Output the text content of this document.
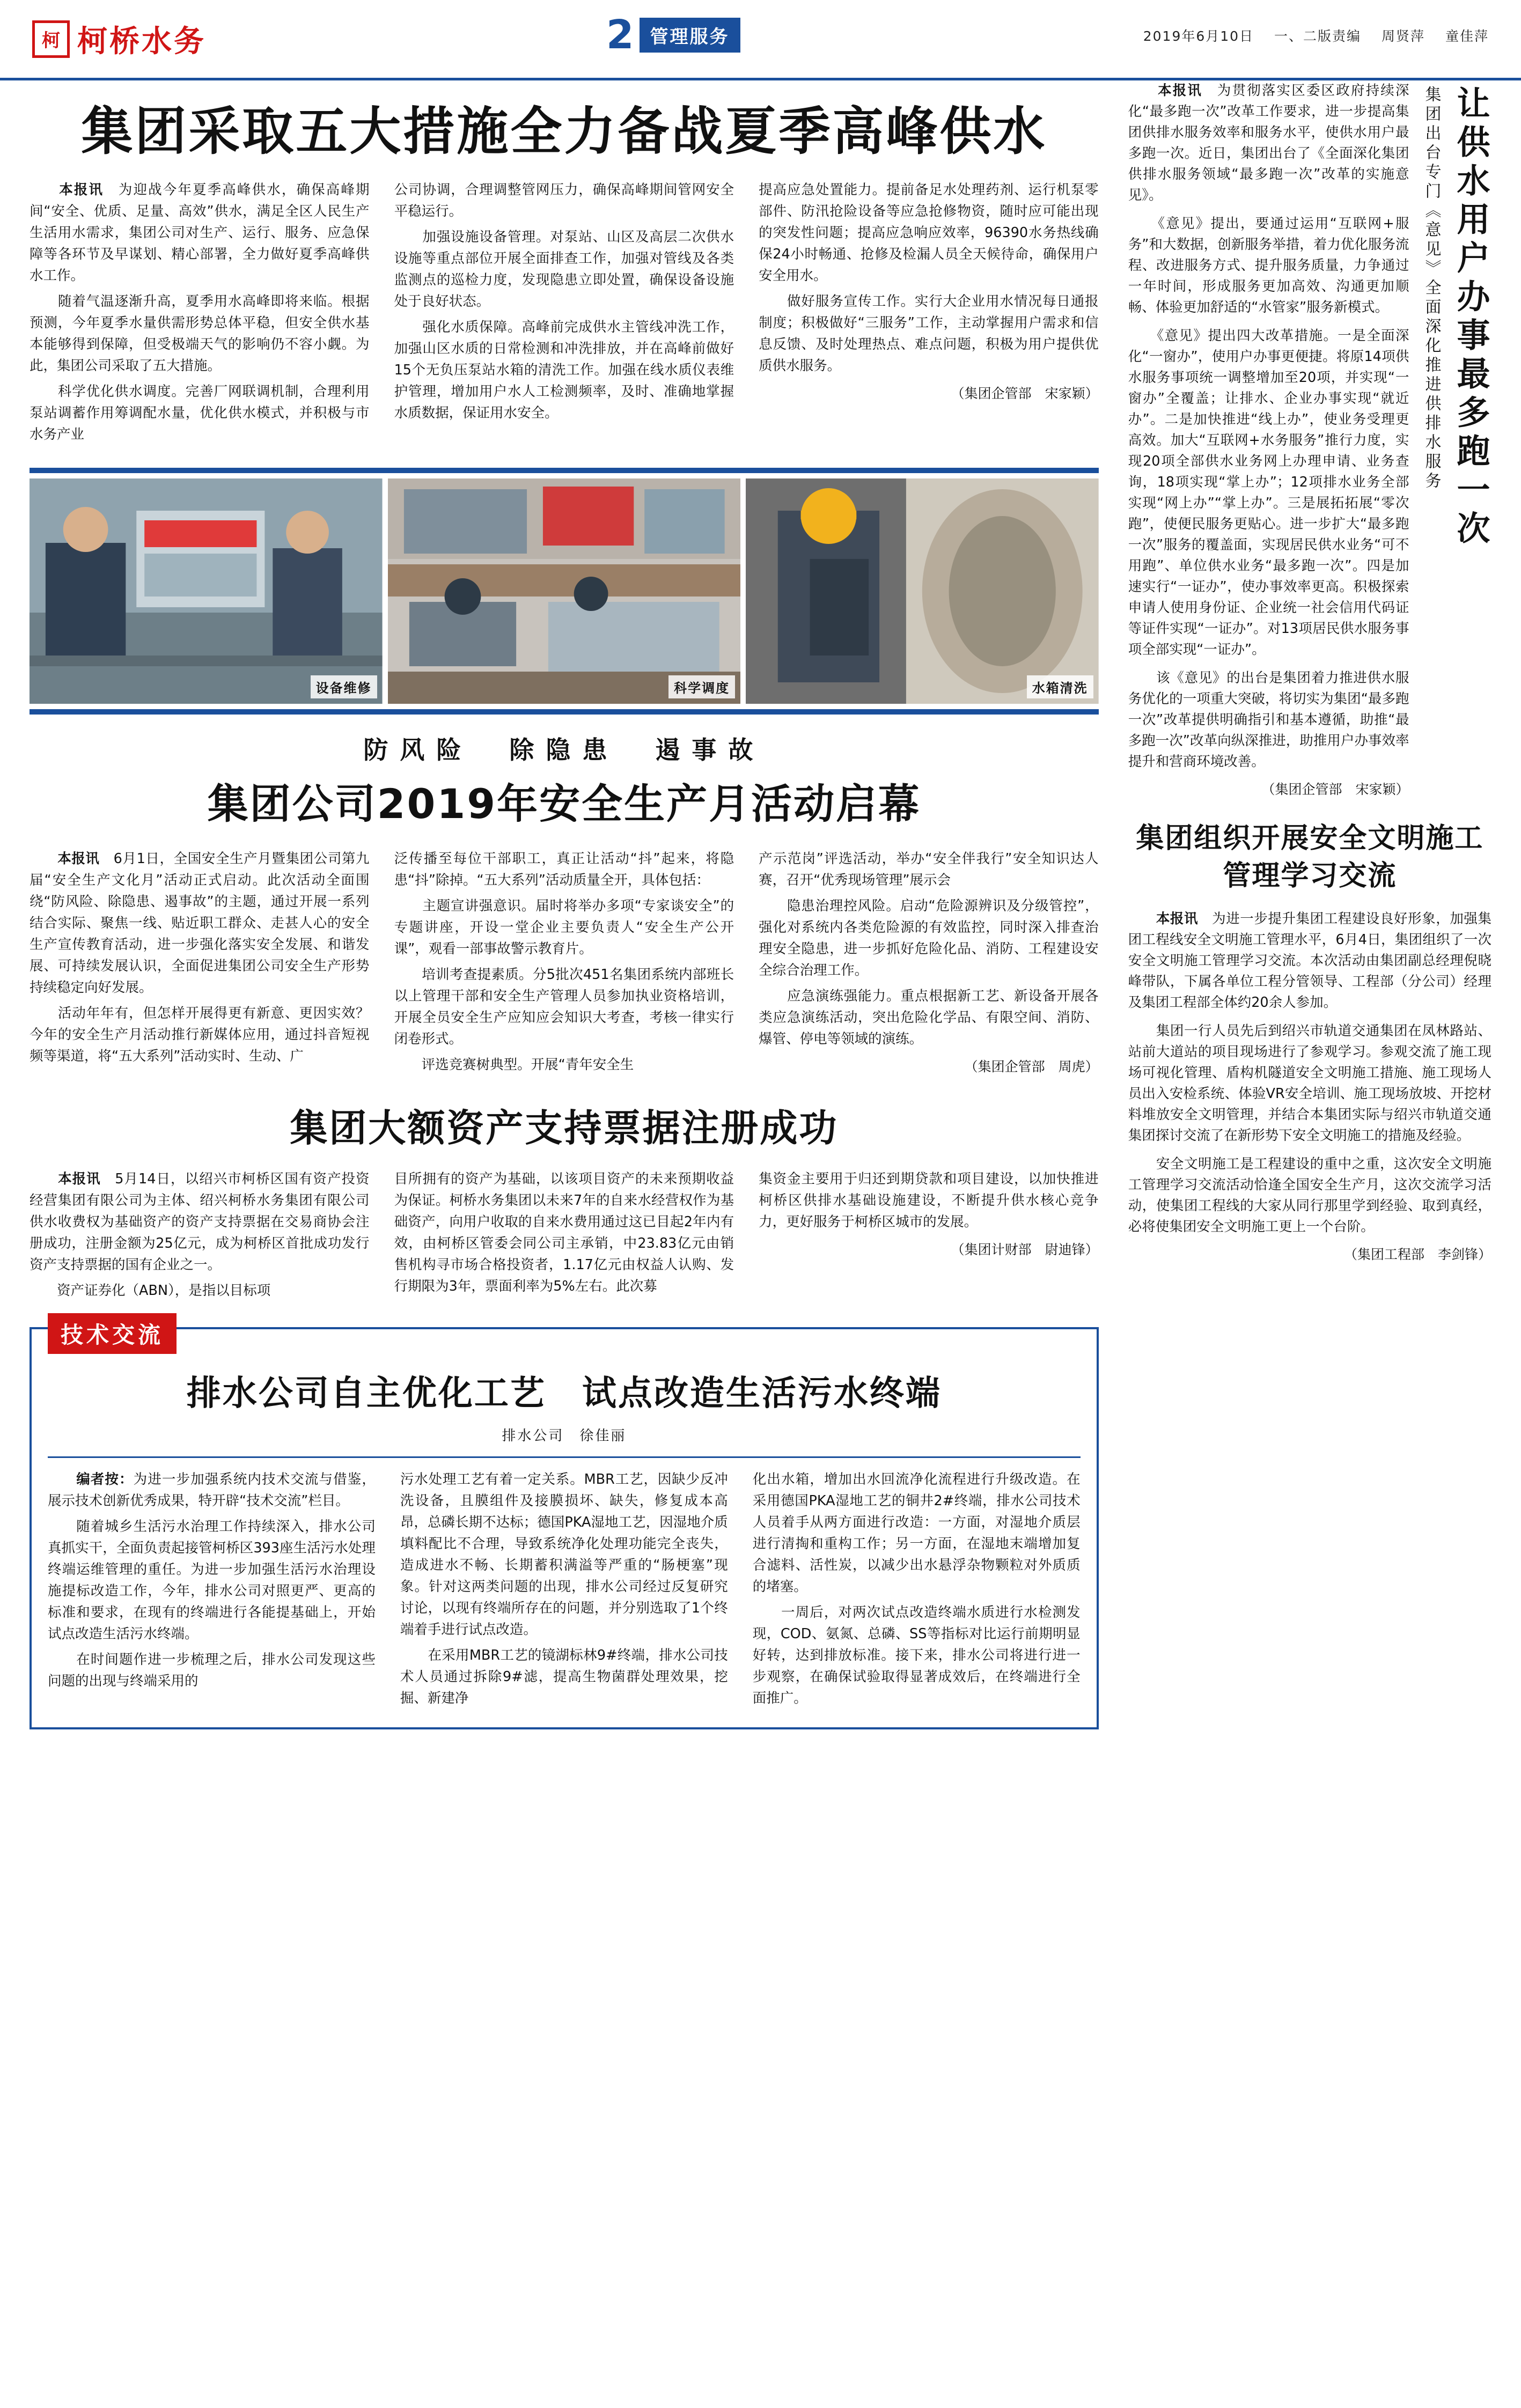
柯 柯桥水务	2 管理服务	2019年6月10日 一、二版责编 周贤萍 童佳萍
集团采取五大措施全力备战夏季高峰供水

　　本报讯　为迎战今年夏季高峰供水，确保高峰期间“安全、优质、足量、高效”供水，满足全区人民生产生活用水需求，集团公司对生产、运行、服务、应急保障等各环节及早谋划、精心部署，全力做好夏季高峰供水工作。

　　随着气温逐渐升高，夏季用水高峰即将来临。根据预测，今年夏季水量供需形势总体平稳，但安全供水基本能够得到保障，但受极端天气的影响仍不容小觑。为此，集团公司采取了五大措施。

　　科学优化供水调度。完善厂网联调机制，合理利用泵站调蓄作用筹调配水量，优化供水模式，并积极与市水务产业

公司协调，合理调整管网压力，确保高峰期间管网安全平稳运行。

　　加强设施设备管理。对泵站、山区及高层二次供水设施等重点部位开展全面排查工作，加强对管线及各类监测点的巡检力度，发现隐患立即处置，确保设备设施处于良好状态。

　　强化水质保障。高峰前完成供水主管线冲洗工作，加强山区水质的日常检测和冲洗排放，并在高峰前做好15个无负压泵站水箱的清洗工作。加强在线水质仪表维护管理，增加用户水人工检测频率，及时、准确地掌握水质数据，保证用水安全。

提高应急处置能力。提前备足水处理药剂、运行机泵零部件、防汛抢险设备等应急抢修物资，随时应可能出现的突发性问题；提高应急响应效率，96390水务热线确保24小时畅通、抢修及检漏人员全天候待命，确保用户安全用水。

　　做好服务宣传工作。实行大企业用水情况每日通报制度；积极做好“三服务”工作，主动掌握用户需求和信息反馈、及时处理热点、难点问题，积极为用户提供优质供水服务。

（集团企管部　宋家颖）
设备维修	科学调度	水箱清洗
防风险　除隐患　遏事故
集团公司2019年安全生产月活动启幕

　　本报讯　6月1日，全国安全生产月暨集团公司第九届“安全生产文化月”活动正式启动。此次活动全面围绕“防风险、除隐患、遏事故”的主题，通过开展一系列结合实际、聚焦一线、贴近职工群众、走甚人心的安全生产宣传教育活动，进一步强化落实安全发展、和谐发展、可持续发展认识，全面促进集团公司安全生产形势持续稳定向好发展。

　　活动年年有，但怎样开展得更有新意、更因实效？今年的安全生产月活动推行新媒体应用，通过抖音短视频等渠道，将“五大系列”活动实时、生动、广

泛传播至每位干部职工，真正让活动“抖”起来，将隐患“抖”除掉。“五大系列”活动质量全开，具体包括：

　　主题宣讲强意识。届时将举办多项“专家谈安全”的专题讲座，开设一堂企业主要负责人“安全生产公开课”，观看一部事故警示教育片。

　　培训考查提素质。分5批次451名集团系统内部班长以上管理干部和安全生产管理人员参加执业资格培训，开展全员安全生产应知应会知识大考查，考核一律实行闭卷形式。

　　评选竞赛树典型。开展“青年安全生

产示范岗”评选活动，举办“安全伴我行”安全知识达人赛，召开“优秀现场管理”展示会

　　隐患治理控风险。启动“危险源辨识及分级管控”，强化对系统内各类危险源的有效监控，同时深入排查治理安全隐患，进一步抓好危险化品、消防、工程建设安全综合治理工作。

　　应急演练强能力。重点根据新工艺、新设备开展各类应急演练活动，突出危险化学品、有限空间、消防、爆管、停电等领域的演练。

（集团企管部　周虎）
集团大额资产支持票据注册成功

　　本报讯　5月14日，以绍兴市柯桥区国有资产投资经营集团有限公司为主体、绍兴柯桥水务集团有限公司供水收费权为基础资产的资产支持票据在交易商协会注册成功，注册金额为25亿元，成为柯桥区首批成功发行资产支持票据的国有企业之一。

　　资产证券化（ABN），是指以目标项

目所拥有的资产为基础，以该项目资产的未来预期收益为保证。柯桥水务集团以未来7年的自来水经营权作为基础资产，向用户收取的自来水费用通过这已目起2年内有效，由柯桥区管委会同公司主承销，中23.83亿元由销售机构寻市场合格投资者，1.17亿元由权益人认购、发行期限为3年，票面利率为5%左右。此次募

集资金主要用于归还到期贷款和项目建设，以加快推进柯桥区供排水基础设施建设，不断提升供水核心竞争力，更好服务于柯桥区城市的发展。

（集团计财部　尉迪锋）
技术交流
排水公司自主优化工艺　试点改造生活污水终端
排水公司　徐佳丽

　　编者按：为进一步加强系统内技术交流与借鉴，展示技术创新优秀成果，特开辟“技术交流”栏目。

　　随着城乡生活污水治理工作持续深入，排水公司真抓实干，全面负责起接管柯桥区393座生活污水处理终端运维管理的重任。为进一步加强生活污水治理设施提标改造工作，今年，排水公司对照更严、更高的标准和要求，在现有的终端进行各能提基础上，开始试点改造生活污水终端。

　　在时间题作进一步梳理之后，排水公司发现这些问题的出现与终端采用的

污水处理工艺有着一定关系。MBR工艺，因缺少反冲洗设备，且膜组件及接膜损坏、缺失，修复成本高昂，总磷长期不达标；德国PKA湿地工艺，因湿地介质填料配比不合理，导致系统净化处理功能完全丧失，造成进水不畅、长期蓄积满溢等严重的“肠梗塞”现象。针对这两类问题的出现，排水公司经过反复研究讨论，以现有终端所存在的问题，并分别选取了1个终端着手进行试点改造。

　　在采用MBR工艺的镜湖标林9#终端，排水公司技术人员通过拆除9#滤，提高生物菌群处理效果，挖掘、新建净

化出水箱，增加出水回流净化流程进行升级改造。在采用德国PKA湿地工艺的铜井2#终端，排水公司技术人员着手从两方面进行改造：一方面，对湿地介质层进行清掏和重构工作；另一方面，在湿地末端增加复合滤料、活性炭，以减少出水悬浮杂物颗粒对外质质的堵塞。

　　一周后，对两次试点改造终端水质进行水检测发现，COD、氨氮、总磷、SS等指标对比运行前期明显好转，达到排放标准。接下来，排水公司将进行进一步观察，在确保试验取得显著成效后，在终端进行全面推广。

　　本报讯　为贯彻落实区委区政府持续深化“最多跑一次”改革工作要求，进一步提高集团供排水服务效率和服务水平，使供水用户最多跑一次。近日，集团出台了《全面深化集团供排水服务领域“最多跑一次”改革的实施意见》。

　　《意见》提出，要通过运用“互联网+服务”和大数据，创新服务举措，着力优化服务流程、改进服务方式、提升服务质量，力争通过一年时间，形成服务更加高效、沟通更加顺畅、体验更加舒适的“水管家”服务新模式。

　　《意见》提出四大改革措施。一是全面深化“一窗办”，使用户办事更便捷。将原14项供水服务事项统一调整增加至20项，并实现“一窗办”全覆盖；让排水、企业办事实现“就近办”。二是加快推进“线上办”，使业务受理更高效。加大“互联网+水务服务”推行力度，实现20项全部供水业务网上办理申请、业务查询，18项实现“掌上办”；12项排水业务全部实现“网上办”“掌上办”。三是展拓拓展“零次跑”，使便民服务更贴心。进一步扩大“最多跑一次”服务的覆盖面，实现居民供水业务“可不用跑”、单位供水业务“最多跑一次”。四是加速实行“一证办”，使办事效率更高。积极探索申请人使用身份证、企业统一社会信用代码证等证件实现“一证办”。对13项居民供水服务事项全部实现“一证办”。

　　该《意见》的出台是集团着力推进供水服务优化的一项重大突破，将切实为集团“最多跑一次”改革提供明确指引和基本遵循，助推“最多跑一次”改革向纵深推进，助推用户办事效率提升和营商环境改善。

（集团企管部　宋家颖）
让供水用户办事最多跑一次
集团出台专门《意见》全面深化推进供排水服务
集团组织开展安全文明施工管理学习交流

　　本报讯　为进一步提升集团工程建设良好形象，加强集团工程线安全文明施工管理水平，6月4日，集团组织了一次安全文明施工管理学习交流。本次活动由集团副总经理倪晓峰带队，下属各单位工程分管领导、工程部（分公司）经理及集团工程部全体约20余人参加。

　　集团一行人员先后到绍兴市轨道交通集团在凤林路站、站前大道站的项目现场进行了参观学习。参观交流了施工现场可视化管理、盾构机隧道安全文明施工措施、施工现场人员出入安检系统、体验VR安全培训、施工现场放坡、开挖材料堆放安全文明管理，并结合本集团实际与绍兴市轨道交通集团探讨交流了在新形势下安全文明施工的措施及经验。

　　安全文明施工是工程建设的重中之重，这次安全文明施工管理学习交流活动恰逢全国安全生产月，这次交流学习活动，使集团工程线的大家从同行那里学到经验、取到真经，必将使集团安全文明施工更上一个台阶。

（集团工程部　李剑锋）
